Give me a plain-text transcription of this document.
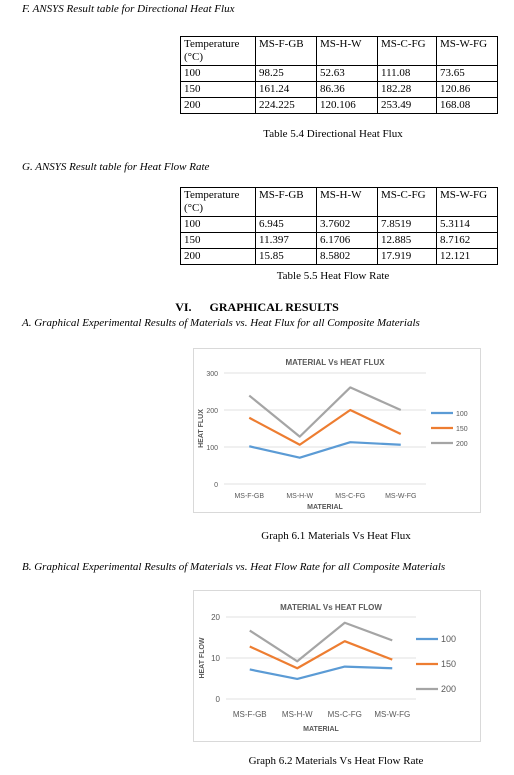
F. ANSYS Result table for Directional Heat Flux
Temperature (°C)	MS-F-GB	MS-H-W	MS-C-FG	MS-W-FG
100	98.25	52.63	111.08	73.65
150	161.24	86.36	182.28	120.86
200	224.225	120.106	253.49	168.08
Table 5.4 Directional Heat Flux
G. ANSYS Result table for Heat Flow Rate
Temperature (°C)	MS-F-GB	MS-H-W	MS-C-FG	MS-W-FG
100	6.945	3.7602	7.8519	5.3114
150	11.397	6.1706	12.885	8.7162
200	15.85	8.5802	17.919	12.121
Table 5.5 Heat Flow Rate
VI.      GRAPHICAL RESULTS
A. Graphical Experimental Results of Materials vs. Heat Flux for all Composite Materials
0
100
200
300
MATERIAL Vs HEAT FLUX
HEAT FLUX
MS-F-GB	MS-H-W	MS-C-FG	MS-W-FG
MATERIAL
100
150
200
Graph 6.1 Materials Vs Heat Flux
B. Graphical Experimental Results of Materials vs. Heat Flow Rate for all Composite Materials
0
10
20
MATERIAL Vs HEAT FLOW
HEAT FLOW
MS-F-GB MS-H-W MS-C-FG MS-W-FG
MATERIAL
100
150
200
Graph 6.2 Materials Vs Heat Flow Rate
